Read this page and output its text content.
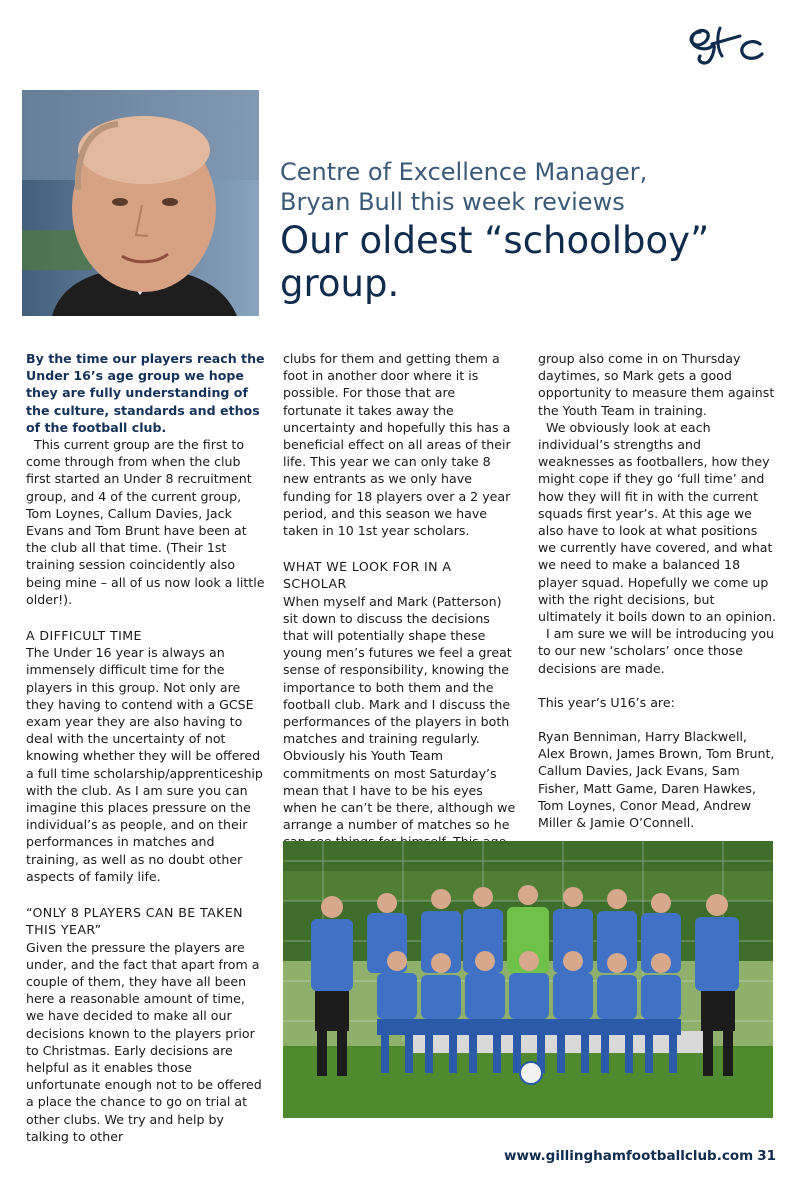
Centre of Excellence Manager,
Bryan Bull this week reviews
Our oldest “schoolboy”
group.

By the time our players reach the Under 16’s age group we hope they are fully understanding of the culture, standards and ethos of the football club.

This current group are the first to come through from when the club first started an Under 8 recruitment group, and 4 of the current group, Tom Loynes, Callum Davies, Jack Evans and Tom Brunt have been at the club all that time. (Their 1st training session coincidently also being mine – all of us now look a little older!).

A DIFFICULT TIME

The Under 16 year is always an immensely difficult time for the players in this group. Not only are they having to contend with a GCSE exam year they are also having to deal with the uncertainty of not knowing whether they will be offered a full time scholarship/apprenticeship with the club. As I am sure you can imagine this places pressure on the individual’s as people, and on their performances in matches and training, as well as no doubt other aspects of family life.

“ONLY 8 PLAYERS CAN BE TAKEN THIS YEAR”

Given the pressure the players are under, and the fact that apart from a couple of them, they have all been here a reasonable amount of time, we have decided to make all our decisions known to the players prior to Christmas. Early decisions are helpful as it enables those unfortunate enough not to be offered a place the chance to go on trial at other clubs. We try and help by talking to other

clubs for them and getting them a foot in another door where it is possible. For those that are fortunate it takes away the uncertainty and hopefully this has a beneficial effect on all areas of their life. This year we can only take 8 new entrants as we only have funding for 18 players over a 2 year period, and this season we have taken in 10 1st year scholars.

WHAT WE LOOK FOR IN A SCHOLAR

When myself and Mark (Patterson) sit down to discuss the decisions that will potentially shape these young men’s futures we feel a great sense of responsibility, knowing the importance to both them and the football club. Mark and I discuss the performances of the players in both matches and training regularly. Obviously his Youth Team commitments on most Saturday’s mean that I have to be his eyes when he can’t be there, although we arrange a number of matches so he

group also come in on Thursday daytimes, so Mark gets a good opportunity to measure them against the Youth Team in training.

We obviously look at each individual’s strengths and weaknesses as footballers, how they might cope if they go ‘full time’ and how they will fit in with the current squads first year’s. At this age we also have to look at what positions we currently have covered, and what we need to make a balanced 18 player squad. Hopefully we come up with the right decisions, but ultimately it boils down to an opinion.

I am sure we will be introducing you to our new ‘scholars’ once those decisions are made.

This year’s U16’s are:

Ryan Benniman, Harry Blackwell, Alex Brown, James Brown, Tom Brunt, Callum Davies, Jack Evans, Sam Fisher, Matt Game, Daren Hawkes, Tom Loynes, Conor Mead, Andrew Miller & Jamie O’Connell.

www.gillinghamfootballclub.com 31
